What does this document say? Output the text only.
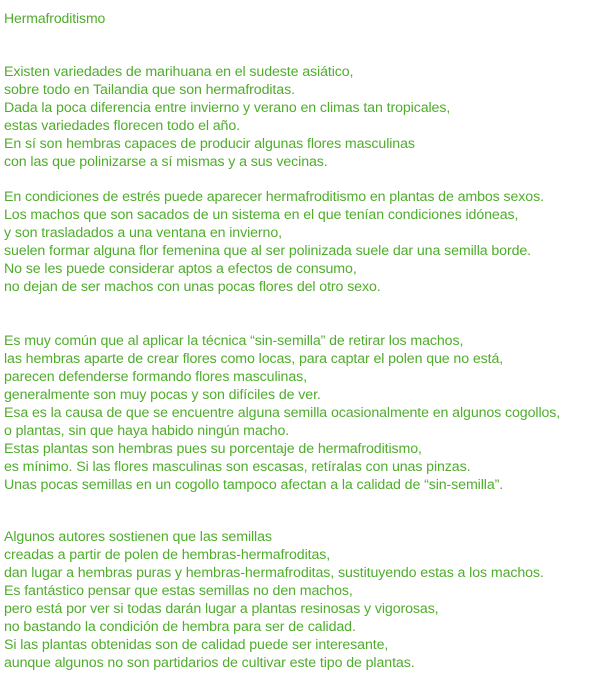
Hermafroditismo
Existen variedades de marihuana en el sudeste asiático,
sobre todo en Tailandia que son hermafroditas.
Dada la poca diferencia entre invierno y verano en climas tan tropicales,
estas variedades florecen todo el año.
En sí son hembras capaces de producir algunas flores masculinas
con las que polinizarse a sí mismas y a sus vecinas.
En condiciones de estrés puede aparecer hermafroditismo en plantas de ambos sexos.
Los machos que son sacados de un sistema en el que tenían condiciones idóneas,
y son trasladados a una ventana en invierno,
suelen formar alguna flor femenina que al ser polinizada suele dar una semilla borde.
No se les puede considerar aptos a efectos de consumo,
no dejan de ser machos con unas pocas flores del otro sexo.
Es muy común que al aplicar la técnica “sin-semilla” de retirar los machos,
las hembras aparte de crear flores como locas, para captar el polen que no está,
parecen defenderse formando flores masculinas,
generalmente son muy pocas y son difíciles de ver.
Esa es la causa de que se encuentre alguna semilla ocasionalmente en algunos cogollos,
o plantas, sin que haya habido ningún macho.
Estas plantas son hembras pues su porcentaje de hermafroditismo,
es mínimo. Si las flores masculinas son escasas, retíralas con unas pinzas.
Unas pocas semillas en un cogollo tampoco afectan a la calidad de “sin-semilla”.
Algunos autores sostienen que las semillas
creadas a partir de polen de hembras-hermafroditas,
dan lugar a hembras puras y hembras-hermafroditas, sustituyendo estas a los machos.
Es fantástico pensar que estas semillas no den machos,
pero está por ver si todas darán lugar a plantas resinosas y vigorosas,
no bastando la condición de hembra para ser de calidad.
Si las plantas obtenidas son de calidad puede ser interesante,
aunque algunos no son partidarios de cultivar este tipo de plantas.
